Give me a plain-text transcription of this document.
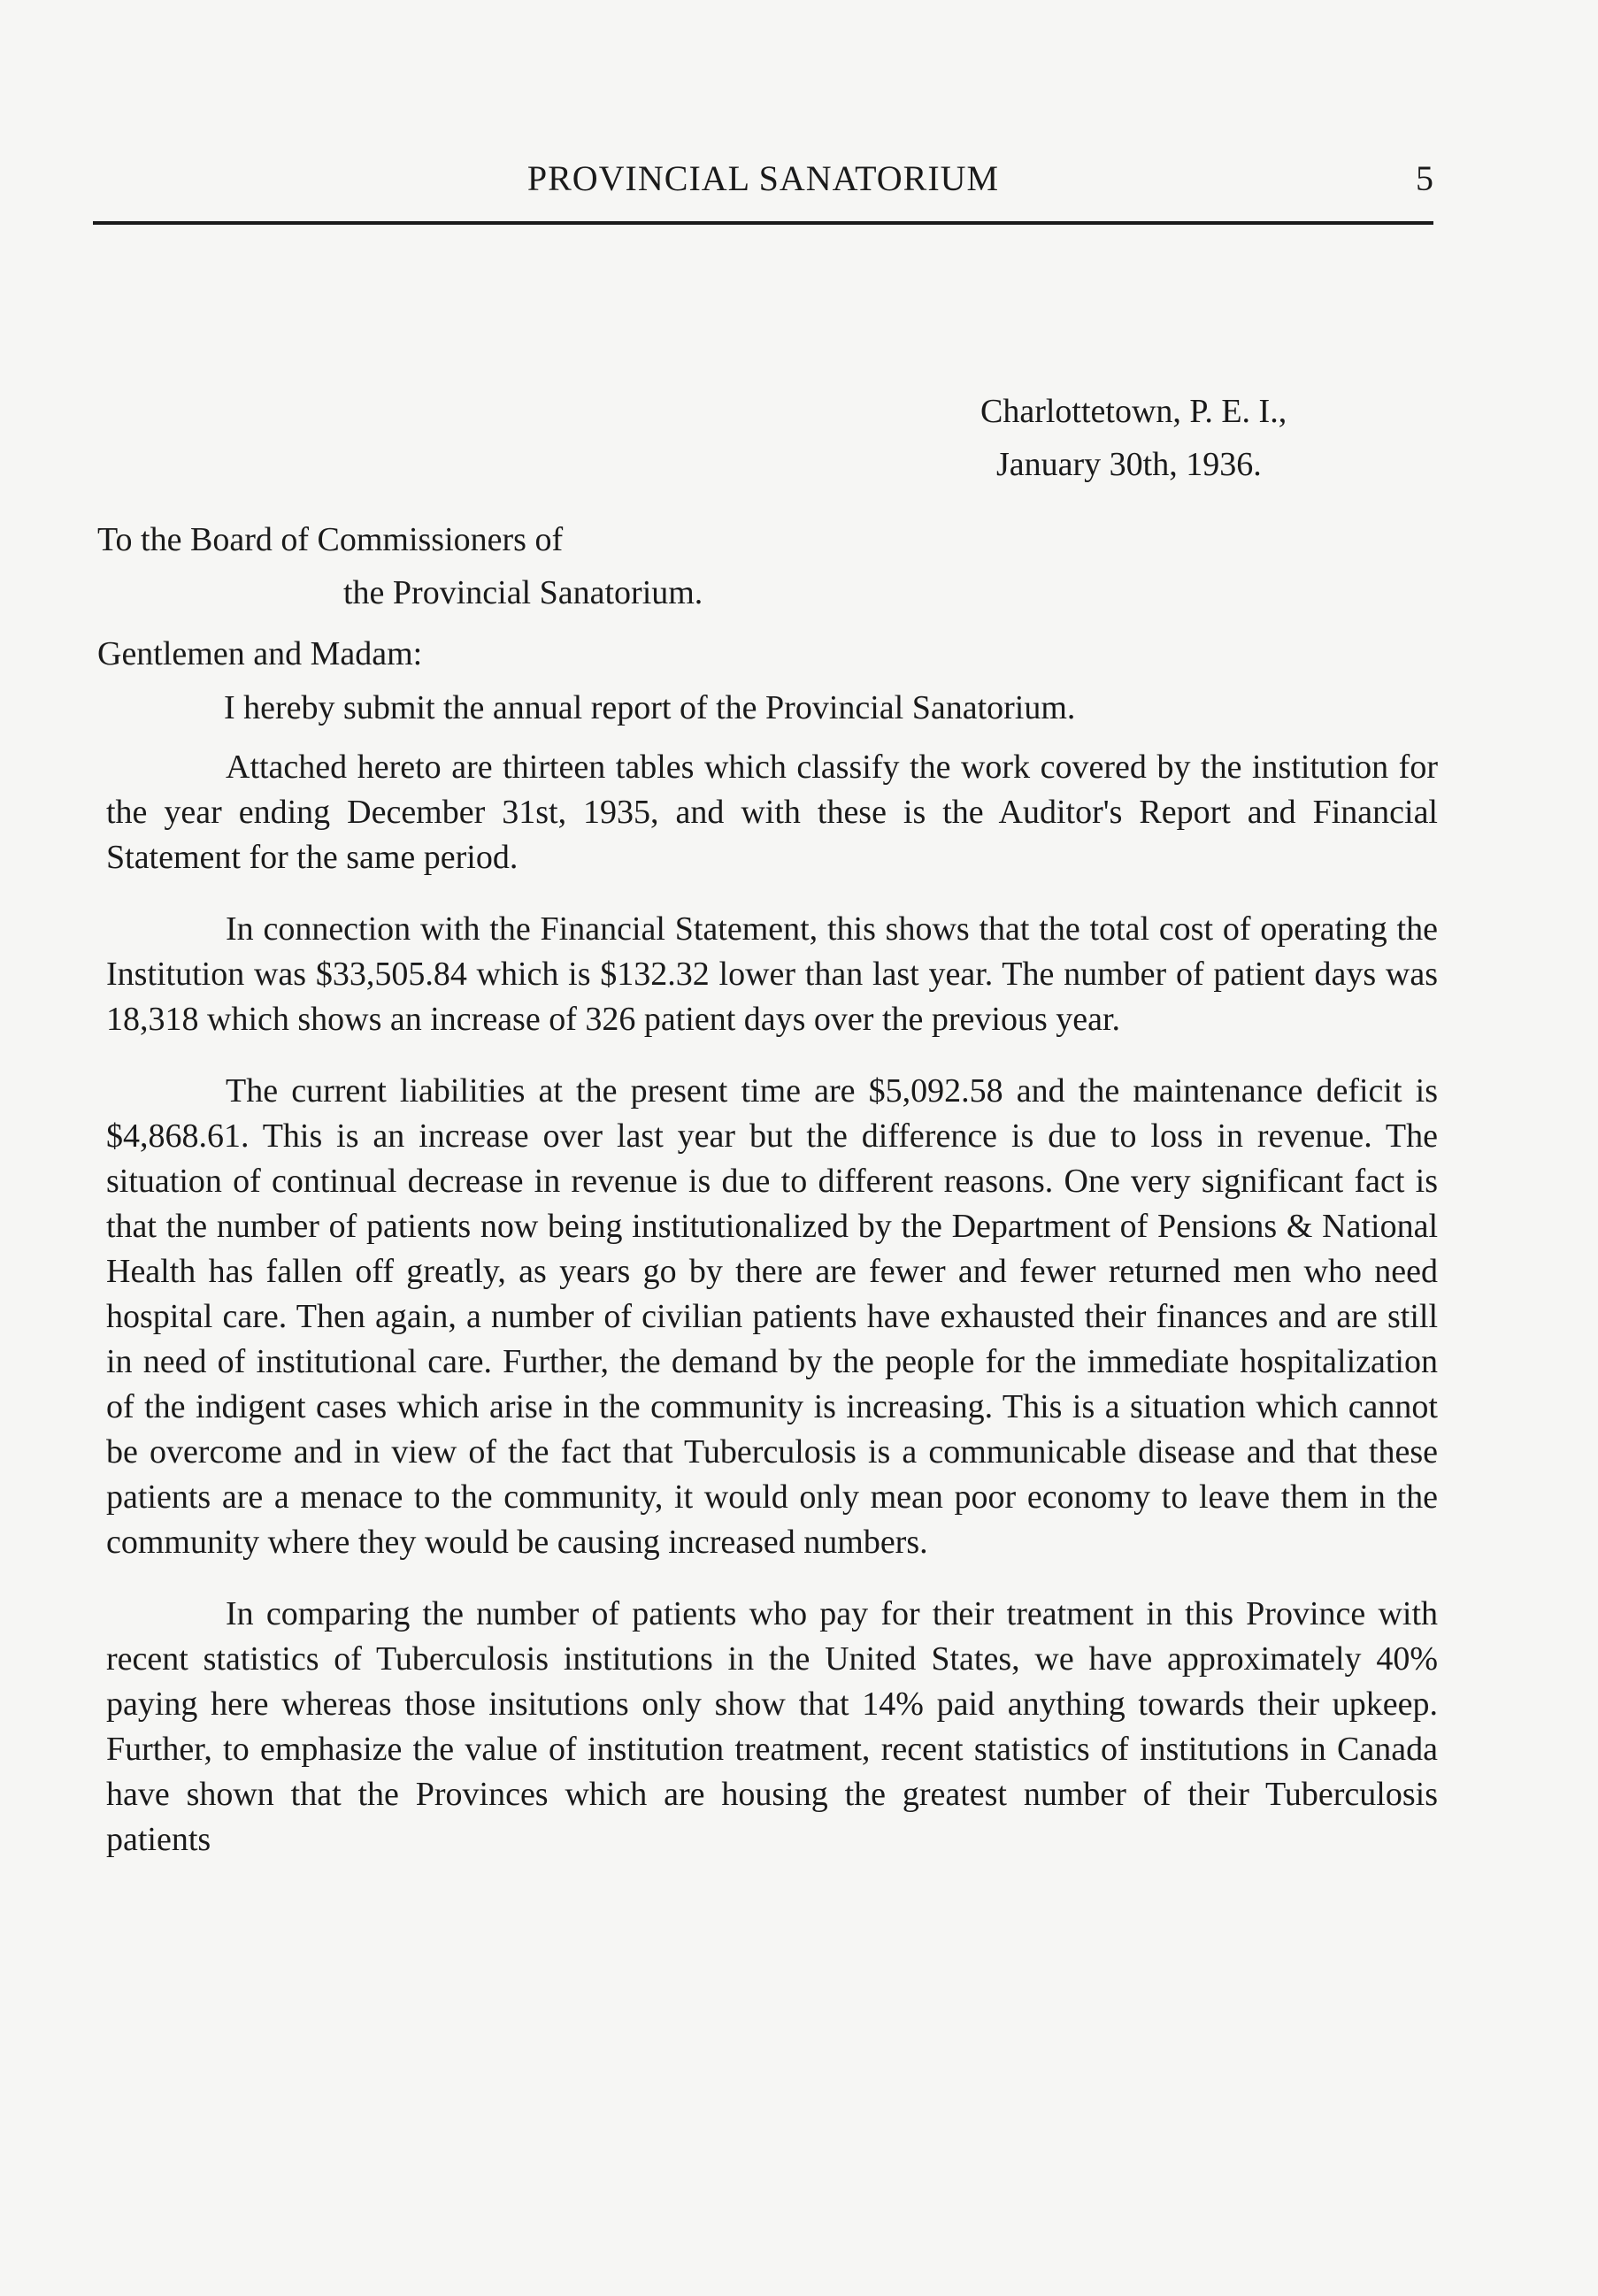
PROVINCIAL SANATORIUM	5
Charlottetown, P. E. I.,
January 30th, 1936.
To the Board of Commissioners of
the Provincial Sanatorium.
Gentlemen and Madam:

I hereby submit the annual report of the Provincial Sanatorium.

Attached hereto are thirteen tables which classify the work covered by the institution for the year ending December 31st, 1935, and with these is the Auditor's Report and Financial Statement for the same period.

In connection with the Financial Statement, this shows that the total cost of operating the Institution was $33,505.84 which is $132.32 lower than last year. The number of patient days was 18,318 which shows an increase of 326 patient days over the previous year.

The current liabilities at the present time are $5,092.58 and the maintenance deficit is $4,868.61. This is an increase over last year but the difference is due to loss in revenue. The situation of continual decrease in revenue is due to different reasons. One very significant fact is that the number of patients now being institutionalized by the Department of Pensions & National Health has fallen off greatly, as years go by there are fewer and fewer returned men who need hospital care. Then again, a number of civilian patients have exhausted their finances and are still in need of institutional care. Further, the demand by the people for the immediate hospitalization of the indigent cases which arise in the community is increasing. This is a situation which cannot be overcome and in view of the fact that Tuberculosis is a communicable disease and that these patients are a menace to the community, it would only mean poor economy to leave them in the community where they would be causing increased numbers.

In comparing the number of patients who pay for their treatment in this Province with recent statistics of Tuberculosis institutions in the United States, we have approximately 40% paying here whereas those insitutions only show that 14% paid anything towards their upkeep. Further, to emphasize the value of institution treatment, recent statistics of institutions in Canada have shown that the Provinces which are housing the greatest number of their Tuberculosis patients
